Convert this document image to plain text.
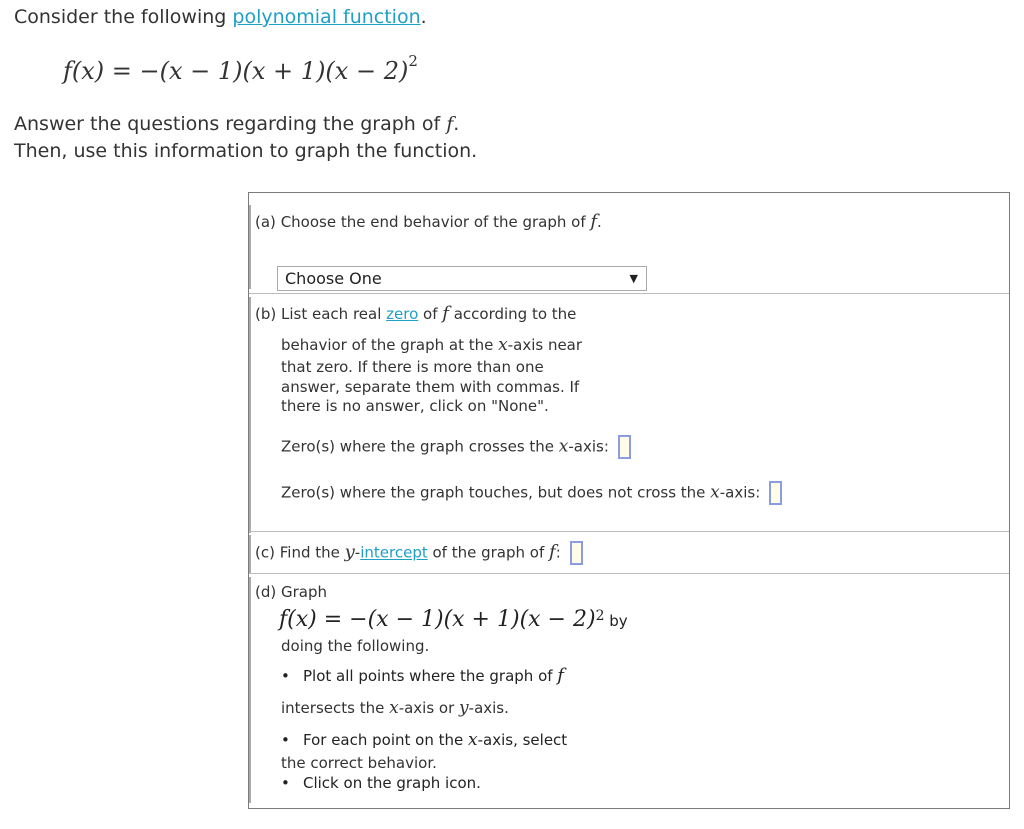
Consider the following polynomial function.
$f(x) = -(x - 1)(x + 1)(x - 2)^2$
Answer the questions regarding the graph of f.
Then, use this information to graph the function.
(a) Choose the end behavior of the graph of f.
Choose One	▼
(b) List each real zero of f according to the
behavior of the graph at the x-axis near
that zero. If there is more than one
answer, separate them with commas. If
there is no answer, click on "None".
Zero(s) where the graph crosses the x-axis:
Zero(s) where the graph touches, but does not cross the x-axis:
(c) Find the y-intercept of the graph of f:
(d) Graph
$f(x) = -(x - 1)(x + 1)(x - 2)^2$ by
doing the following.
• Plot all points where the graph of f
intersects the x-axis or y-axis.
• For each point on the x-axis, select
the correct behavior.
• Click on the graph icon.
